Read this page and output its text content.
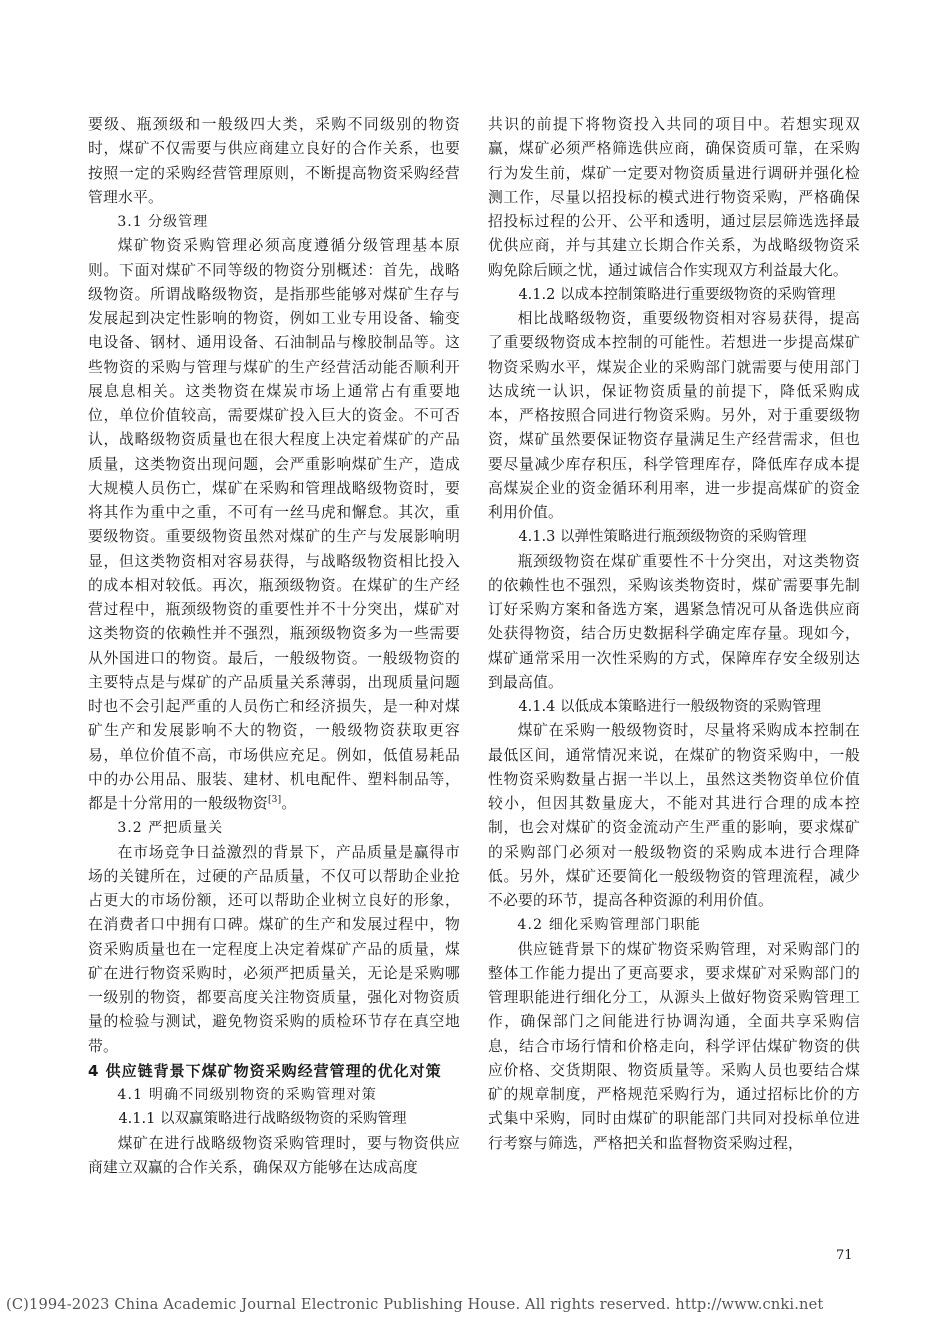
要级、瓶颈级和一般级四大类，采购不同级别的物资时，煤矿不仅需要与供应商建立良好的合作关系，也要按照一定的采购经营管理原则，不断提高物资采购经营管理水平。

3.1 分级管理

煤矿物资采购管理必须高度遵循分级管理基本原则。下面对煤矿不同等级的物资分别概述：首先，战略级物资。所谓战略级物资，是指那些能够对煤矿生存与发展起到决定性影响的物资，例如工业专用设备、输变电设备、钢材、通用设备、石油制品与橡胶制品等。这些物资的采购与管理与煤矿的生产经营活动能否顺利开展息息相关。这类物资在煤炭市场上通常占有重要地位，单位价值较高，需要煤矿投入巨大的资金。不可否认，战略级物资质量也在很大程度上决定着煤矿的产品质量，这类物资出现问题，会严重影响煤矿生产，造成大规模人员伤亡，煤矿在采购和管理战略级物资时，要将其作为重中之重，不可有一丝马虎和懈怠。其次，重要级物资。重要级物资虽然对煤矿的生产与发展影响明显，但这类物资相对容易获得，与战略级物资相比投入的成本相对较低。再次，瓶颈级物资。在煤矿的生产经营过程中，瓶颈级物资的重要性并不十分突出，煤矿对这类物资的依赖性并不强烈，瓶颈级物资多为一些需要从外国进口的物资。最后，一般级物资。一般级物资的主要特点是与煤矿的产品质量关系薄弱，出现质量问题时也不会引起严重的人员伤亡和经济损失，是一种对煤矿生产和发展影响不大的物资，一般级物资获取更容易，单位价值不高，市场供应充足。例如，低值易耗品中的办公用品、服装、建材、机电配件、塑料制品等，都是十分常用的一般级物资[3]。

3.2 严把质量关

在市场竞争日益激烈的背景下，产品质量是赢得市场的关键所在，过硬的产品质量，不仅可以帮助企业抢占更大的市场份额，还可以帮助企业树立良好的形象，在消费者口中拥有口碑。煤矿的生产和发展过程中，物资采购质量也在一定程度上决定着煤矿产品的质量，煤矿在进行物资采购时，必须严把质量关，无论是采购哪一级别的物资，都要高度关注物资质量，强化对物资质量的检验与测试，避免物资采购的质检环节存在真空地带。

4 供应链背景下煤矿物资采购经营管理的优化对策

4.1 明确不同级别物资的采购管理对策

4.1.1 以双赢策略进行战略级物资的采购管理

煤矿在进行战略级物资采购管理时，要与物资供应商建立双赢的合作关系，确保双方能够在达成高度

共识的前提下将物资投入共同的项目中。若想实现双赢，煤矿必须严格筛选供应商，确保资质可靠，在采购行为发生前，煤矿一定要对物资质量进行调研并强化检测工作，尽量以招投标的模式进行物资采购，严格确保招投标过程的公开、公平和透明，通过层层筛选选择最优供应商，并与其建立长期合作关系，为战略级物资采购免除后顾之忧，通过诚信合作实现双方利益最大化。

4.1.2 以成本控制策略进行重要级物资的采购管理

相比战略级物资，重要级物资相对容易获得，提高了重要级物资成本控制的可能性。若想进一步提高煤矿物资采购水平，煤炭企业的采购部门就需要与使用部门达成统一认识，保证物资质量的前提下，降低采购成本，严格按照合同进行物资采购。另外，对于重要级物资，煤矿虽然要保证物资存量满足生产经营需求，但也要尽量减少库存积压，科学管理库存，降低库存成本提高煤炭企业的资金循环利用率，进一步提高煤矿的资金利用价值。

4.1.3 以弹性策略进行瓶颈级物资的采购管理

瓶颈级物资在煤矿重要性不十分突出，对这类物资的依赖性也不强烈，采购该类物资时，煤矿需要事先制订好采购方案和备选方案，遇紧急情况可从备选供应商处获得物资，结合历史数据科学确定库存量。现如今，煤矿通常采用一次性采购的方式，保障库存安全级别达到最高值。

4.1.4 以低成本策略进行一般级物资的采购管理

煤矿在采购一般级物资时，尽量将采购成本控制在最低区间，通常情况来说，在煤矿的物资采购中，一般性物资采购数量占据一半以上，虽然这类物资单位价值较小，但因其数量庞大，不能对其进行合理的成本控制，也会对煤矿的资金流动产生严重的影响，要求煤矿的采购部门必须对一般级物资的采购成本进行合理降低。另外，煤矿还要简化一般级物资的管理流程，减少不必要的环节，提高各种资源的利用价值。

4.2 细化采购管理部门职能

供应链背景下的煤矿物资采购管理，对采购部门的整体工作能力提出了更高要求，要求煤矿对采购部门的管理职能进行细化分工，从源头上做好物资采购管理工作，确保部门之间能进行协调沟通，全面共享采购信息，结合市场行情和价格走向，科学评估煤矿物资的供应价格、交货期限、物资质量等。采购人员也要结合煤矿的规章制度，严格规范采购行为，通过招标比价的方式集中采购，同时由煤矿的职能部门共同对投标单位进行考察与筛选，严格把关和监督物资采购过程，

71
(C)1994-2023 China Academic Journal Electronic Publishing House. All rights reserved. http://www.cnki.net
